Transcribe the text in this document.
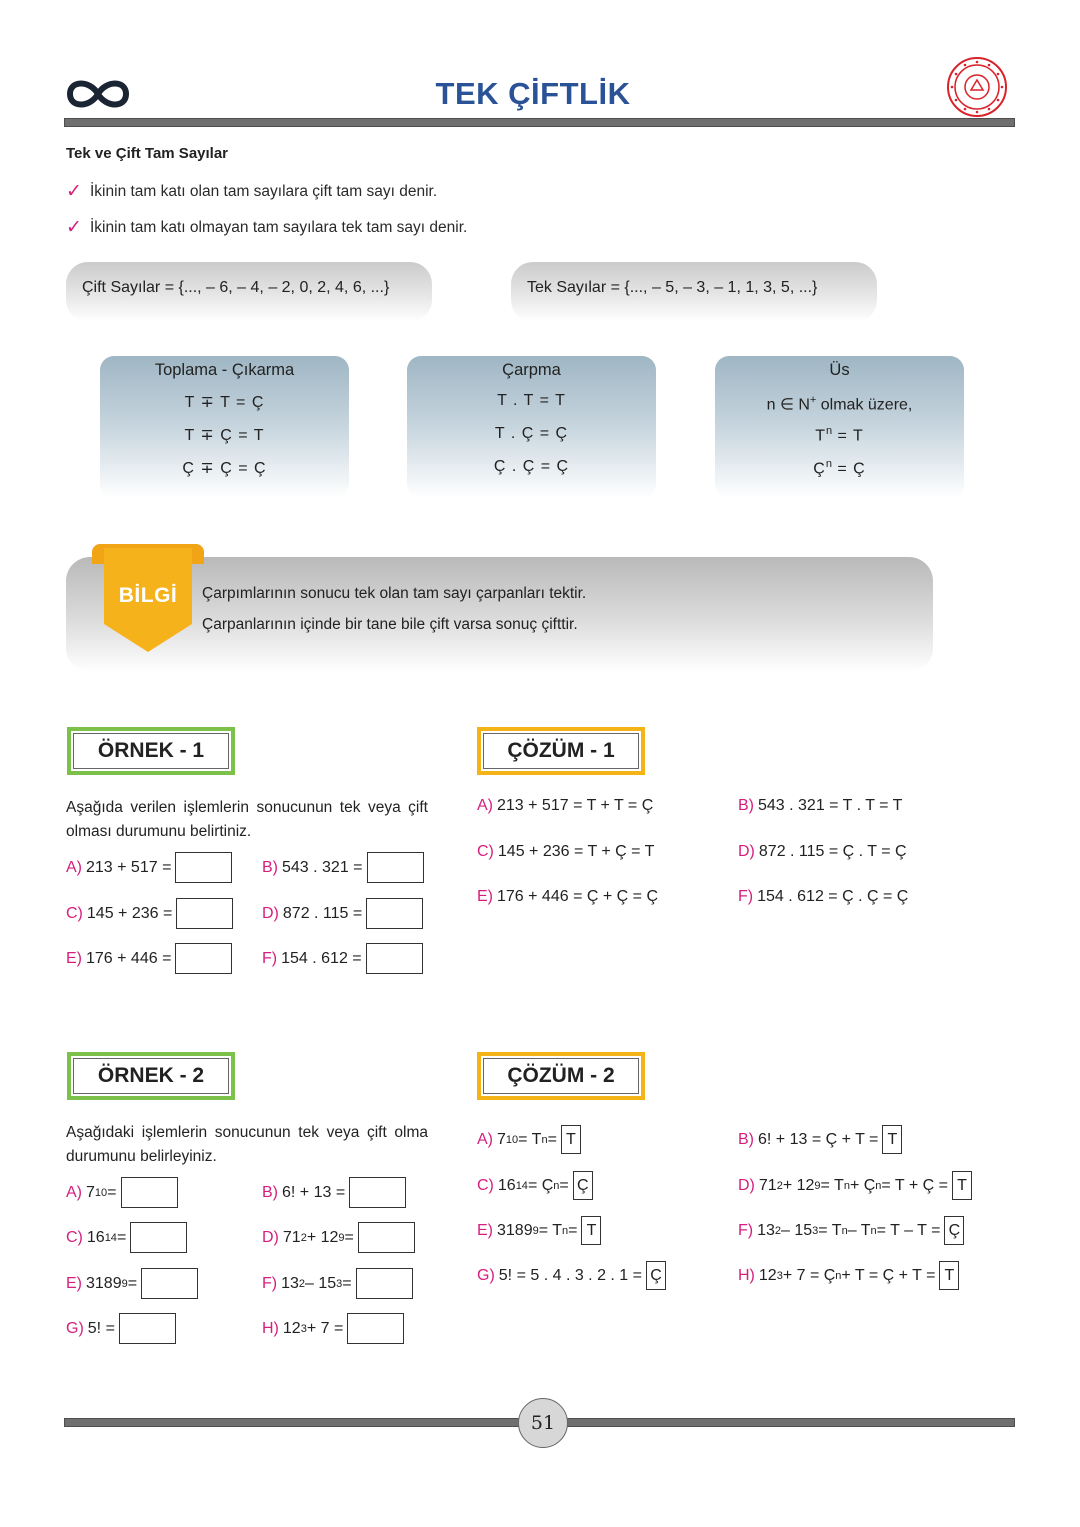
TEK ÇİFTLİK
Tek ve Çift Tam Sayılar
✓ İkinin tam katı olan tam sayılara çift tam sayı denir.
✓ İkinin tam katı olmayan tam sayılara tek tam sayı denir.
Çift Sayılar = {..., – 6, – 4, – 2, 0, 2, 4, 6, ...}	Tek Sayılar = {..., – 5, – 3, – 1, 1, 3, 5, ...}
Toplama - Çıkarma
T ∓ T = Ç
T ∓ Ç = T
Ç ∓ Ç = Ç
Çarpma
T . T = T
T . Ç = Ç
Ç . Ç = Ç
Üs
n ∈ N+ olmak üzere,
$T^n = T$
$Ç^n$ = Ç
BİLGİ	Çarpımlarının sonucu tek olan tam sayı çarpanları tektir.
Çarpanlarının içinde bir tane bile çift varsa sonuç çifttir.
ÖRNEK - 1
Aşağıda verilen işlemlerin sonucunun tek veya çift olması durumunu belirtiniz.
A) 213 + 517 =	B) 543 . 321 =
C) 145 + 236 =	D) 872 . 115 =
E) 176 + 446 =	F) 154 . 612 =
ÇÖZÜM - 1
A) 213 + 517 = T + T = Ç	B) 543 . 321 = T . T = T
C) 145 + 236 = T + Ç = T	D) 872 . 115 = Ç . T = Ç
E) 176 + 446 = Ç + Ç = Ç	F) 154 . 612 = Ç . Ç = Ç
ÖRNEK - 2
Aşağıdaki işlemlerin sonucunun tek veya çift olma durumunu belirleyiniz.
A) 7 10 =	B) 6! + 13 =
C) 16 14 =	D) 71 2 + 12 9 =
E) 3189 9 =	F) 13 2 – 15 3 =
G) 5! =	H) 12 3 + 7 =
ÇÖZÜM - 2
A) 7 10 = T n = T	B) 6! + 13 = Ç + T = T
C) 16 14 = Ç n = Ç	D) 71 2 + 12 9 = T n + Ç n = T + Ç = T
E) 3189 9 = T n = T	F) 13 2 – 15 3 = T n – T n = T – T = Ç
G) 5! = 5 . 4 . 3 . 2 . 1 = Ç	H) 12 3 + 7 = Ç n + T = Ç + T = T
51
